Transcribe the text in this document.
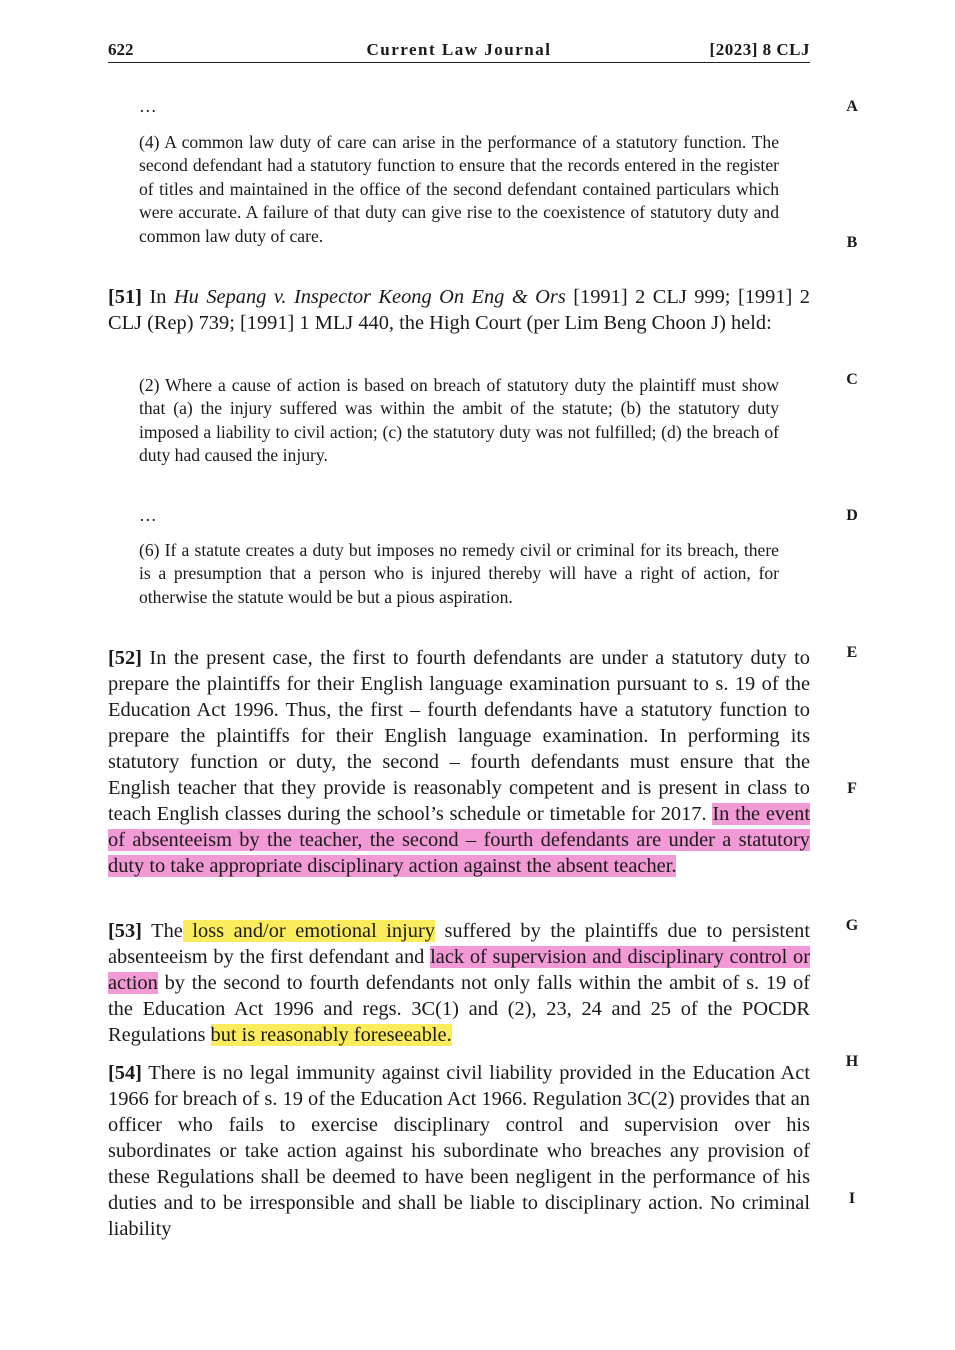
622	Current Law Journal	[2023] 8 CLJ
A
B
C
D
E
F
G
H
I
…
(4) A common law duty of care can arise in the performance of a statutory function. The second defendant had a statutory function to ensure that the records entered in the register of titles and maintained in the office of the second defendant contained particulars which were accurate. A failure of that duty can give rise to the coexistence of statutory duty and common law duty of care.
[51] In Hu Sepang v. Inspector Keong On Eng & Ors [1991] 2 CLJ 999; [1991] 2 CLJ (Rep) 739; [1991] 1 MLJ 440, the High Court (per Lim Beng Choon J) held:
(2) Where a cause of action is based on breach of statutory duty the plaintiff must show that (a) the injury suffered was within the ambit of the statute; (b) the statutory duty imposed a liability to civil action; (c) the statutory duty was not fulfilled; (d) the breach of duty had caused the injury.
…
(6) If a statute creates a duty but imposes no remedy civil or criminal for its breach, there is a presumption that a person who is injured thereby will have a right of action, for otherwise the statute would be but a pious aspiration.
[52] In the present case, the first to fourth defendants are under a statutory duty to prepare the plaintiffs for their English language examination pursuant to s. 19 of the Education Act 1996. Thus, the first – fourth defendants have a statutory function to prepare the plaintiffs for their English language examination. In performing its statutory function or duty, the second – fourth defendants must ensure that the English teacher that they provide is reasonably competent and is present in class to teach English classes during the school’s schedule or timetable for 2017. In the event of absenteeism by the teacher, the second – fourth defendants are under a statutory duty to take appropriate disciplinary action against the absent teacher.
[53] The loss and/or emotional injury suffered by the plaintiffs due to persistent absenteeism by the first defendant and lack of supervision and disciplinary control or action by the second to fourth defendants not only falls within the ambit of s. 19 of the Education Act 1996 and regs. 3C(1) and (2), 23, 24 and 25 of the POCDR Regulations but is reasonably foreseeable.
[54] There is no legal immunity against civil liability provided in the Education Act 1966 for breach of s. 19 of the Education Act 1966. Regulation 3C(2) provides that an officer who fails to exercise disciplinary control and supervision over his subordinates or take action against his subordinate who breaches any provision of these Regulations shall be deemed to have been negligent in the performance of his duties and to be irresponsible and shall be liable to disciplinary action. No criminal liability
